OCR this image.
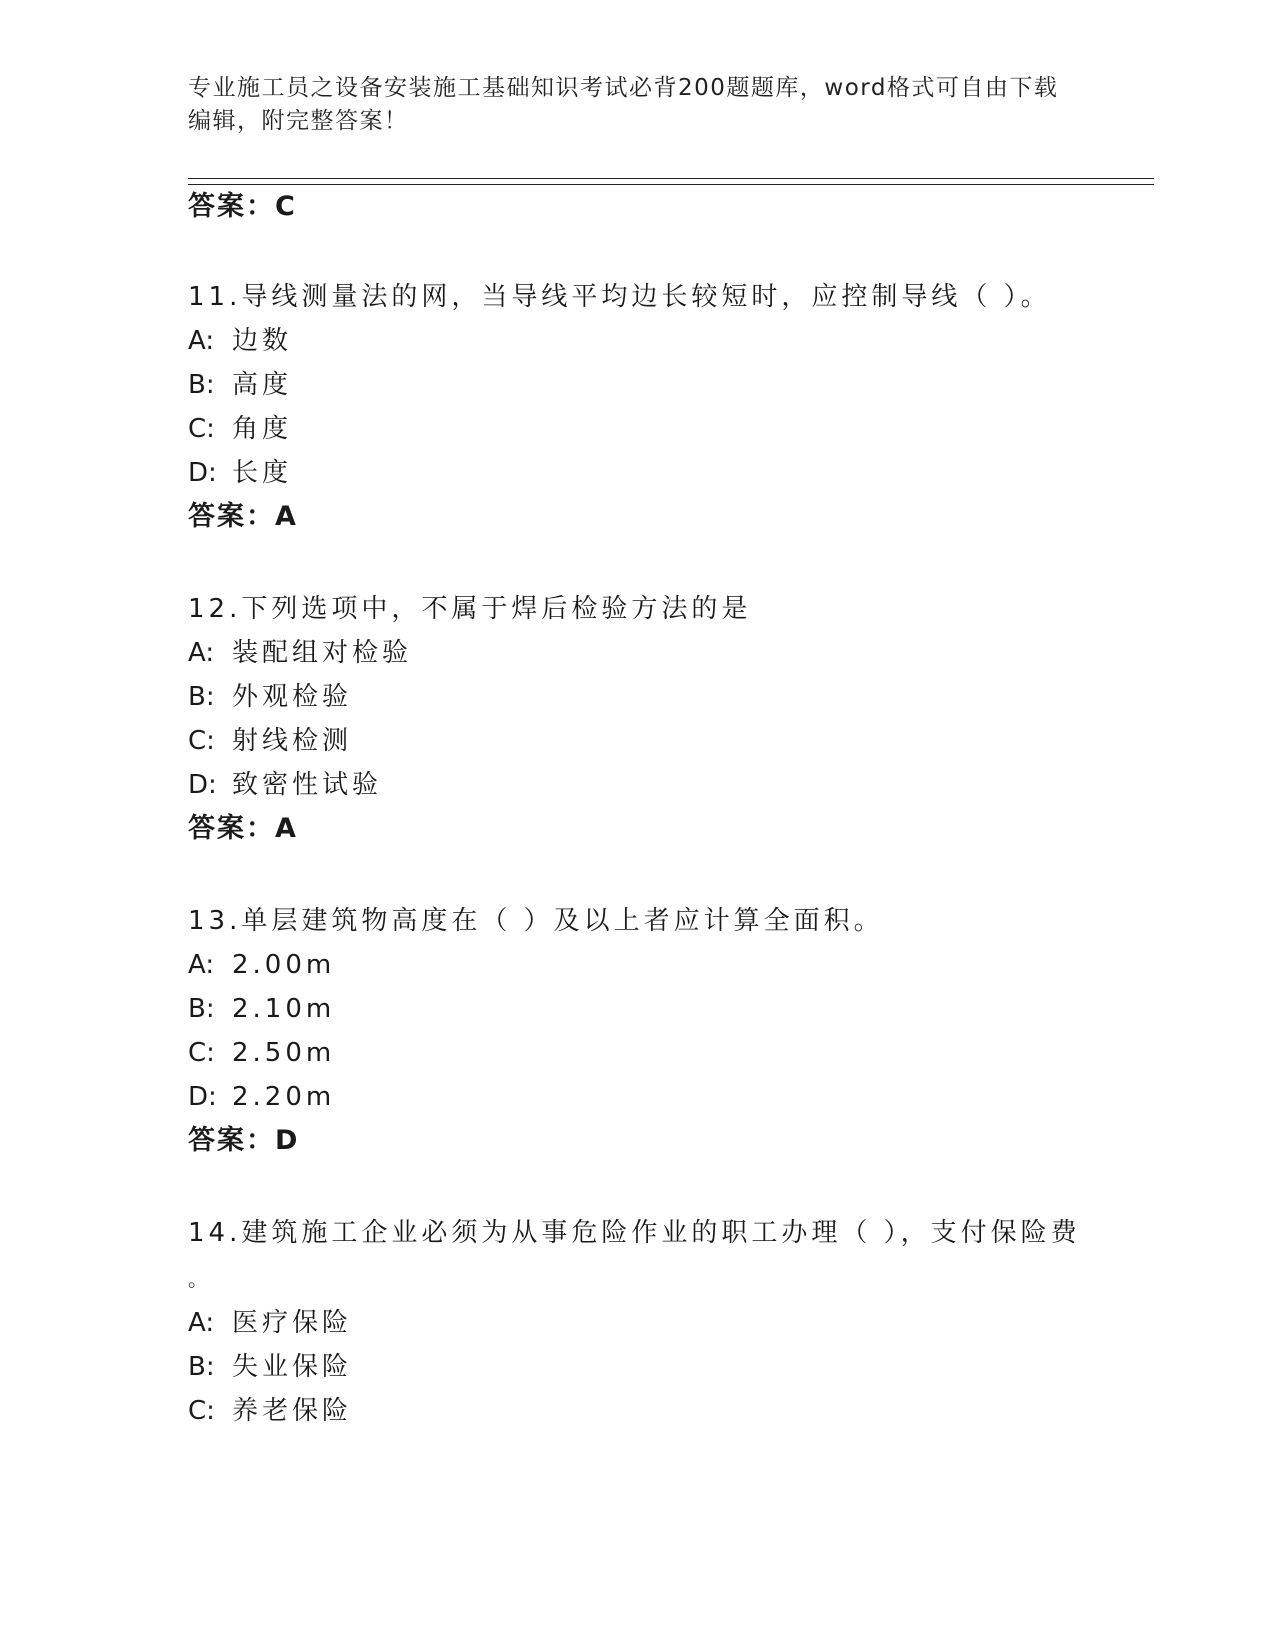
专业施工员之设备安装施工基础知识考试必背200题题库，word格式可自由下载
编辑，附完整答案！
答案：C
11.导线测量法的网，当导线平均边长较短时，应控制导线（ ）。
A: 边数
B: 高度
C: 角度
D: 长度
答案：A
12.下列选项中，不属于焊后检验方法的是
A: 装配组对检验
B: 外观检验
C: 射线检测
D: 致密性试验
答案：A
13.单层建筑物高度在（ ）及以上者应计算全面积。
A: 2.00m
B: 2.10m
C: 2.50m
D: 2.20m
答案：D
14.建筑施工企业必须为从事危险作业的职工办理（ ），支付保险费
。
A: 医疗保险
B: 失业保险
C: 养老保险
